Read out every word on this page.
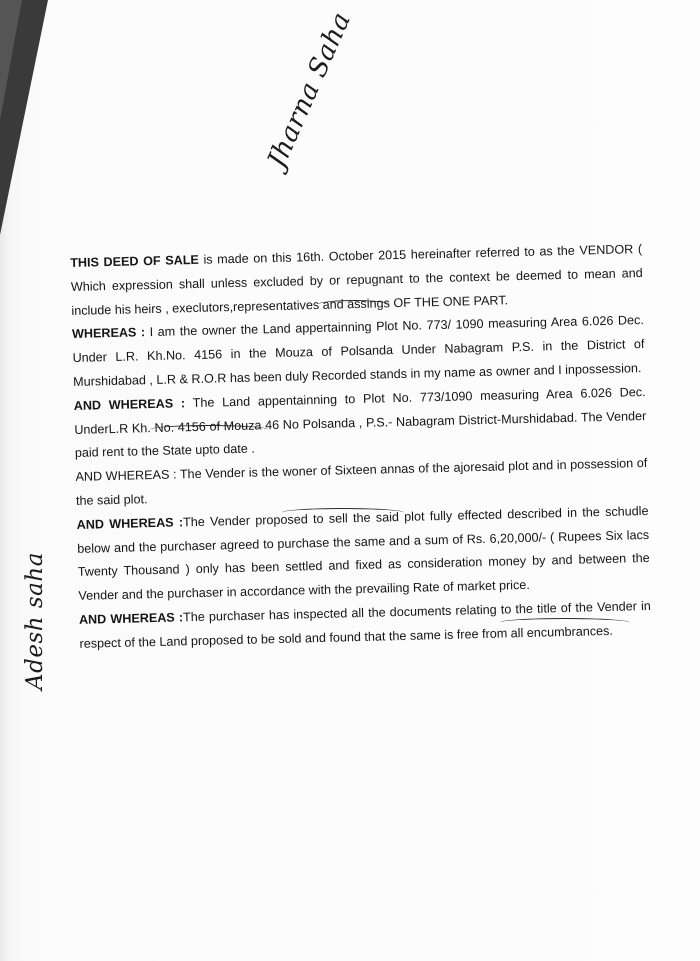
Jharna Saha
Adesh saha

THIS DEED OF SALE is made on this 16th. October 2015 hereinafter referred to as the VENDOR ( Which expression shall unless excluded by or repugnant to the context be deemed to mean and include his heirs , execlutors,representatives and assings OF THE ONE PART.

WHEREAS : I am the owner the Land appertainning Plot No. 773/ 1090 measuring Area 6.026 Dec. Under L.R. Kh.No. 4156 in the Mouza of Polsanda Under Nabagram P.S. in the District of Murshidabad , L.R & R.O.R has been duly Recorded stands in my name as owner and I inpossession.

AND WHEREAS : The Land appentainning to Plot No. 773/1090 measuring Area 6.026 Dec. UnderL.R Kh. No. 4156 of Mouza 46 No Polsanda , P.S.- Nabagram District-Murshidabad. The Vender paid rent to the State upto date .

AND WHEREAS : The Vender is the woner of Sixteen annas of the ajoresaid plot and in possession of the said plot.

AND WHEREAS :The Vender proposed to sell the said plot fully effected described in the schudle below and the purchaser agreed to purchase the same and a sum of Rs. 6,20,000/- ( Rupees Six lacs Twenty Thousand ) only has been settled and fixed as consideration money by and between the Vender and the purchaser in accordance with the prevailing Rate of market price.

AND WHEREAS :The purchaser has inspected all the documents relating to the title of the Vender in respect of the Land proposed to be sold and found that the same is free from all encumbrances.
